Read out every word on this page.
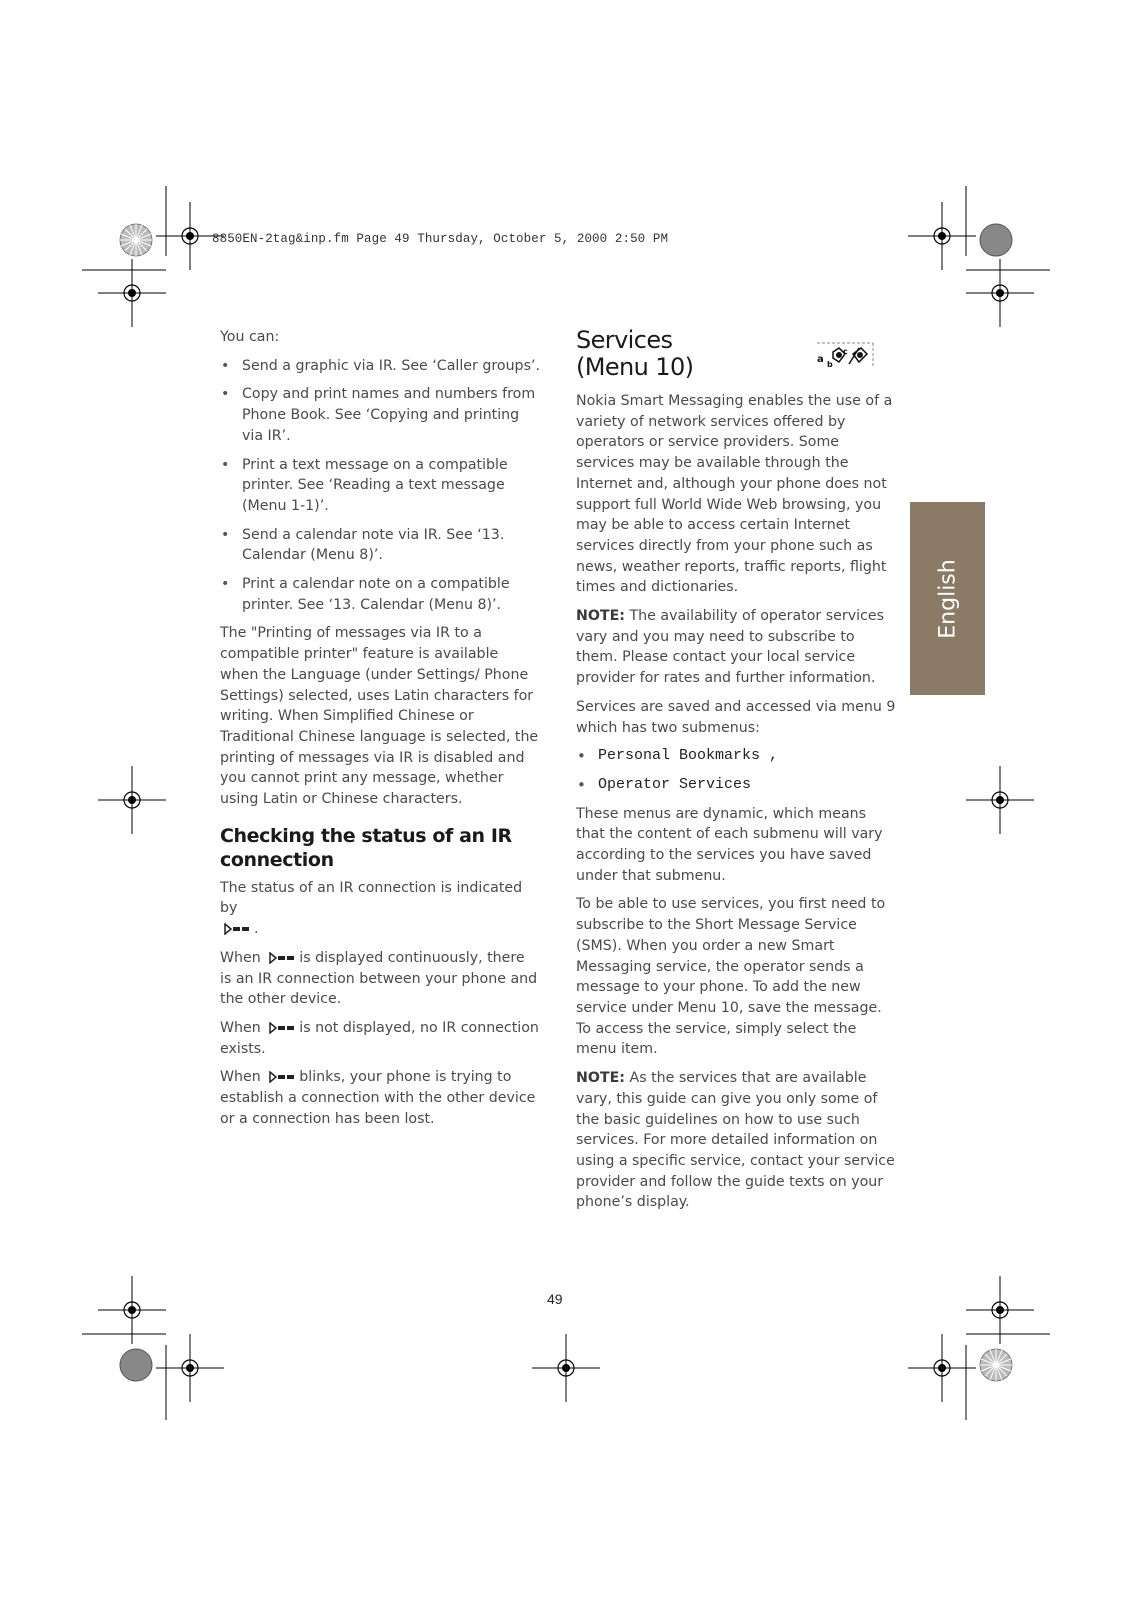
8850EN-2tag&inp.fm Page 49 Thursday, October 5, 2000 2:50 PM

You can:

• Send a graphic via IR. See ‘Caller groups’.
• Copy and print names and numbers from Phone Book. See ‘Copying and printing via IR’.
• Print a text message on a compatible printer. See ‘Reading a text message (Menu 1-1)’.
• Send a calendar note via IR. See ‘13. Calendar (Menu 8)’.
• Print a calendar note on a compatible printer. See ‘13. Calendar (Menu 8)’.

The "Printing of messages via IR to a compatible printer" feature is available when the Language (under Settings/ Phone Settings) selected, uses Latin characters for writing. When Simplified Chinese or Traditional Chinese language is selected, the printing of messages via IR is disabled and you cannot print any message, whether using Latin or Chinese characters.

Checking the status of an IR connection

The status of an IR connection is indicated by
.

When	is displayed continuously, there is an IR connection between your phone and the other device.

When	is not displayed, no IR connection exists.

When	blinks, your phone is trying to establish a connection with the other device or a connection has been lost.

Services
(Menu 10)

Nokia Smart Messaging enables the use of a variety of network services offered by operators or service providers. Some services may be available through the Internet and, although your phone does not support full World Wide Web browsing, you may be able to access certain Internet services directly from your phone such as news, weather reports, traffic reports, flight times and dictionaries.

NOTE: The availability of operator services vary and you may need to subscribe to them. Please contact your local service provider for rates and further information.

Services are saved and accessed via menu 9 which has two submenus:

• Personal Bookmarks ,
• Operator Services

These menus are dynamic, which means that the content of each submenu will vary according to the services you have saved under that submenu.

To be able to use services, you first need to subscribe to the Short Message Service (SMS). When you order a new Smart Messaging service, the operator sends a message to your phone. To add the new service under Menu 10, save the message. To access the service, simply select the menu item.

NOTE: As the services that are available vary, this guide can give you only some of the basic guidelines on how to use such services. For more detailed information on using a specific service, contact your service provider and follow the guide texts on your phone’s display.

a b
c
English
49
